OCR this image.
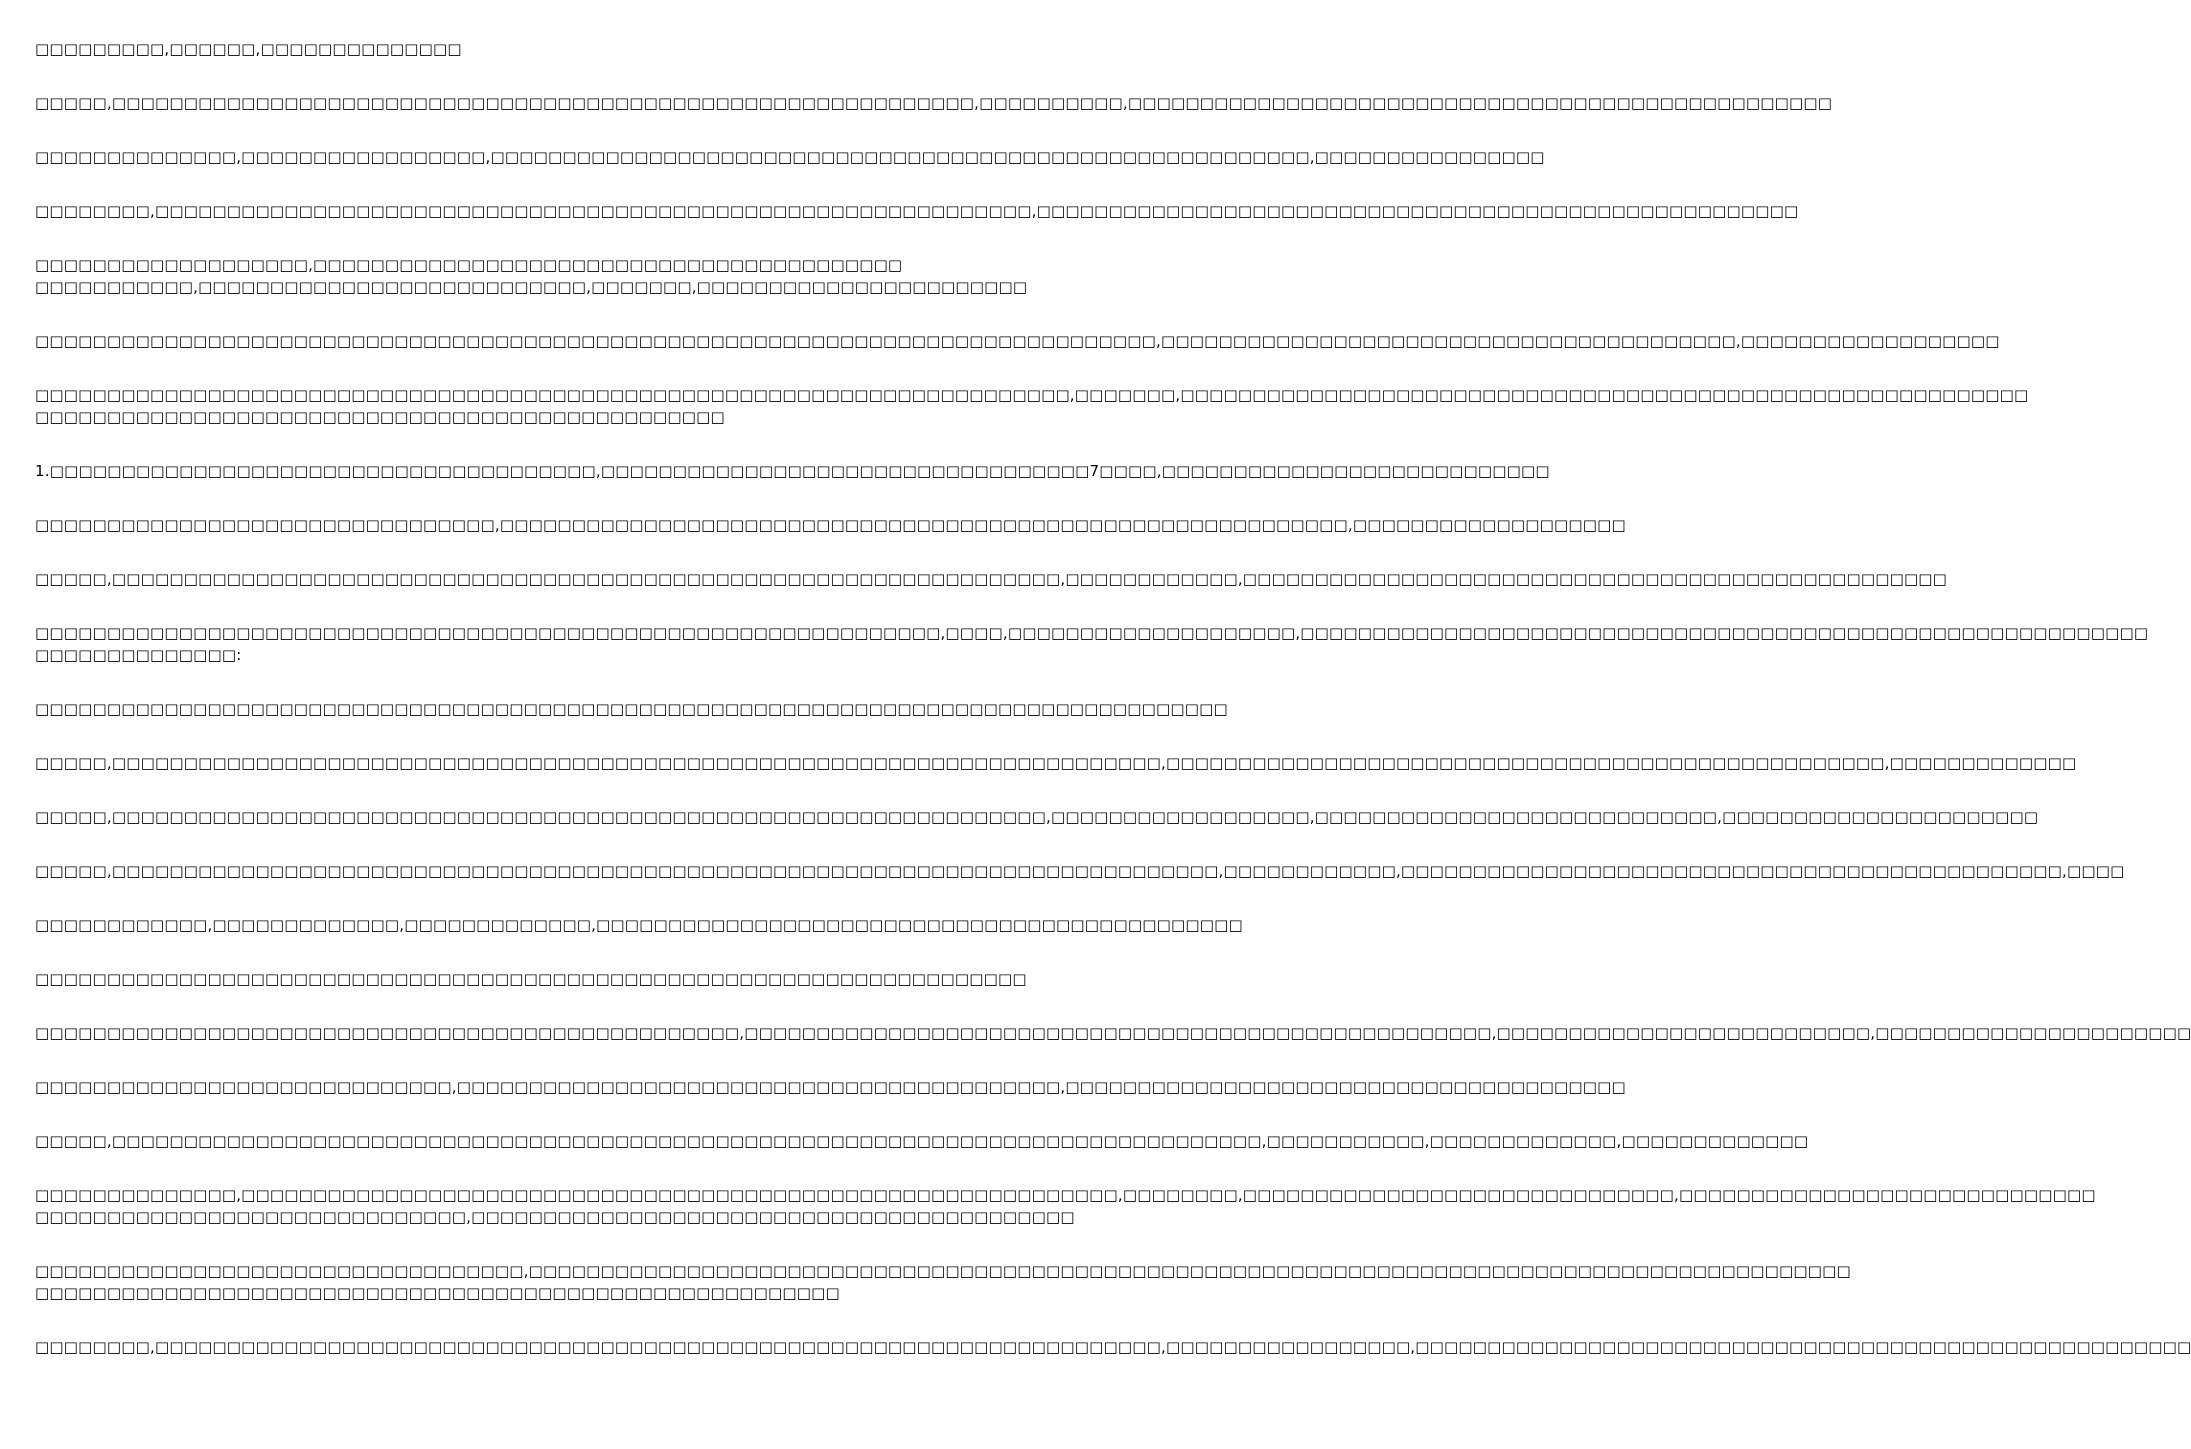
□□□□□□□□□,□□□□□□,□□□□□□□□□□□□□□

□□□□□,□□□□□□□□□□□□□□□□□□□□□□□□□□□□□□□□□□□□□□□□□□□□□□□□□□□□□□□□□□□□,□□□□□□□□□□,□□□□□□□□□□□□□□□□□□□□□□□□□□□□□□□□□□□□□□□□□□□□□□□□□

□□□□□□□□□□□□□□,□□□□□□□□□□□□□□□□□,□□□□□□□□□□□□□□□□□□□□□□□□□□□□□□□□□□□□□□□□□□□□□□□□□□□□□□□□□,□□□□□□□□□□□□□□□□

□□□□□□□□,□□□□□□□□□□□□□□□□□□□□□□□□□□□□□□□□□□□□□□□□□□□□□□□□□□□□□□□□□□□□□,□□□□□□□□□□□□□□□□□□□□□□□□□□□□□□□□□□□□□□□□□□□□□□□□□□□□□

□□□□□□□□□□□□□□□□□□□,□□□□□□□□□□□□□□□□□□□□□□□□□□□□□□□□□□□□□□□□□
□□□□□□□□□□□,□□□□□□□□□□□□□□□□□□□□□□□□□□□,□□□□□□□,□□□□□□□□□□□□□□□□□□□□□□□

□□□□□□□□□□□□□□□□□□□□□□□□□□□□□□□□□□□□□□□□□□□□□□□□□□□□□□□□□□□□□□□□□□□□□□□□□□□□□□,□□□□□□□□□□□□□□□□□□□□□□□□□□□□□□□□□□□□□□□□,□□□□□□□□□□□□□□□□□□

□□□□□□□□□□□□□□□□□□□□□□□□□□□□□□□□□□□□□□□□□□□□□□□□□□□□□□□□□□□□□□□□□□□□□□□□,□□□□□□□,□□□□□□□□□□□□□□□□□□□□□□□□□□□□□□□□□□□□□□□□□□□□□□□□□□□□□□□□□□□
□□□□□□□□□□□□□□□□□□□□□□□□□□□□□□□□□□□□□□□□□□□□□□□□

1.□□□□□□□□□□□□□□□□□□□□□□□□□□□□□□□□□□□□□□,□□□□□□□□□□□□□□□□□□□□□□□□□□□□□□□□□□7□□□□,□□□□□□□□□□□□□□□□□□□□□□□□□□□

□□□□□□□□□□□□□□□□□□□□□□□□□□□□□□□□,□□□□□□□□□□□□□□□□□□□□□□□□□□□□□□□□□□□□□□□□□□□□□□□□□□□□□□□□□□□,□□□□□□□□□□□□□□□□□□□

□□□□□,□□□□□□□□□□□□□□□□□□□□□□□□□□□□□□□□□□□□□□□□□□□□□□□□□□□□□□□□□□□□□□□□□□,□□□□□□□□□□□□,□□□□□□□□□□□□□□□□□□□□□□□□□□□□□□□□□□□□□□□□□□□□□□□□□

□□□□□□□□□□□□□□□□□□□□□□□□□□□□□□□□□□□□□□□□□□□□□□□□□□□□□□□□□□□□□□□,□□□□,□□□□□□□□□□□□□□□□□□□□,□□□□□□□□□□□□□□□□□□□□□□□□□□□□□□□□□□□□□□□□□□□□□□□□□□□□□□□□□□□
□□□□□□□□□□□□□□:

□□□□□□□□□□□□□□□□□□□□□□□□□□□□□□□□□□□□□□□□□□□□□□□□□□□□□□□□□□□□□□□□□□□□□□□□□□□□□□□□□□□

□□□□□,□□□□□□□□□□□□□□□□□□□□□□□□□□□□□□□□□□□□□□□□□□□□□□□□□□□□□□□□□□□□□□□□□□□□□□□□□,□□□□□□□□□□□□□□□□□□□□□□□□□□□□□□□□□□□□□□□□□□□□□□□□□□,□□□□□□□□□□□□□

□□□□□,□□□□□□□□□□□□□□□□□□□□□□□□□□□□□□□□□□□□□□□□□□□□□□□□□□□□□□□□□□□□□□□□□,□□□□□□□□□□□□□□□□□□,□□□□□□□□□□□□□□□□□□□□□□□□□□□□,□□□□□□□□□□□□□□□□□□□□□□

□□□□□,□□□□□□□□□□□□□□□□□□□□□□□□□□□□□□□□□□□□□□□□□□□□□□□□□□□□□□□□□□□□□□□□□□□□□□□□□□□□□,□□□□□□□□□□□□,□□□□□□□□□□□□□□□□□□□□□□□□□□□□□□□□□□□□□□□□□□□□□□,□□□□

□□□□□□□□□□□□,□□□□□□□□□□□□□,□□□□□□□□□□□□□,□□□□□□□□□□□□□□□□□□□□□□□□□□□□□□□□□□□□□□□□□□□□□

□□□□□□□□□□□□□□□□□□□□□□□□□□□□□□□□□□□□□□□□□□□□□□□□□□□□□□□□□□□□□□□□□□□□□

□□□□□□□□□□□□□□□□□□□□□□□□□□□□□□□□□□□□□□□□□□□□□□□□□,□□□□□□□□□□□□□□□□□□□□□□□□□□□□□□□□□□□□□□□□□□□□□□□□□□□□,□□□□□□□□□□□□□□□□□□□□□□□□□□,□□□□□□□□□□□□□□□□□□□□□□

□□□□□□□□□□□□□□□□□□□□□□□□□□□□□,□□□□□□□□□□□□□□□□□□□□□□□□□□□□□□□□□□□□□□□□□□,□□□□□□□□□□□□□□□□□□□□□□□□□□□□□□□□□□□□□□□

□□□□□,□□□□□□□□□□□□□□□□□□□□□□□□□□□□□□□□□□□□□□□□□□□□□□□□□□□□□□□□□□□□□□□□□□□□□□□□□□□□□□□□,□□□□□□□□□□□,□□□□□□□□□□□□□,□□□□□□□□□□□□□

□□□□□□□□□□□□□□,□□□□□□□□□□□□□□□□□□□□□□□□□□□□□□□□□□□□□□□□□□□□□□□□□□□□□□□□□□□□□,□□□□□□□□,□□□□□□□□□□□□□□□□□□□□□□□□□□□□□□,□□□□□□□□□□□□□□□□□□□□□□□□□□□□□
□□□□□□□□□□□□□□□□□□□□□□□□□□□□□□,□□□□□□□□□□□□□□□□□□□□□□□□□□□□□□□□□□□□□□□□□□

□□□□□□□□□□□□□□□□□□□□□□□□□□□□□□□□□□,□□□□□□□□□□□□□□□□□□□□□□□□□□□□□□□□□□□□□□□□□□□□□□□□□□□□□□□□□□□□□□□□□□□□□□□□□□□□□□□□□□□□□□□□□□□□
□□□□□□□□□□□□□□□□□□□□□□□□□□□□□□□□□□□□□□□□□□□□□□□□□□□□□□□□

□□□□□□□□,□□□□□□□□□□□□□□□□□□□□□□□□□□□□□□□□□□□□□□□□□□□□□□□□□□□□□□□□□□□□□□□□□□□□□□,□□□□□□□□□□□□□□□□□,□□□□□□□□□□□□□□□□□□□□□□□□□□□□□□□□□□□□□□□□□□□□□□□□□□□□□□
